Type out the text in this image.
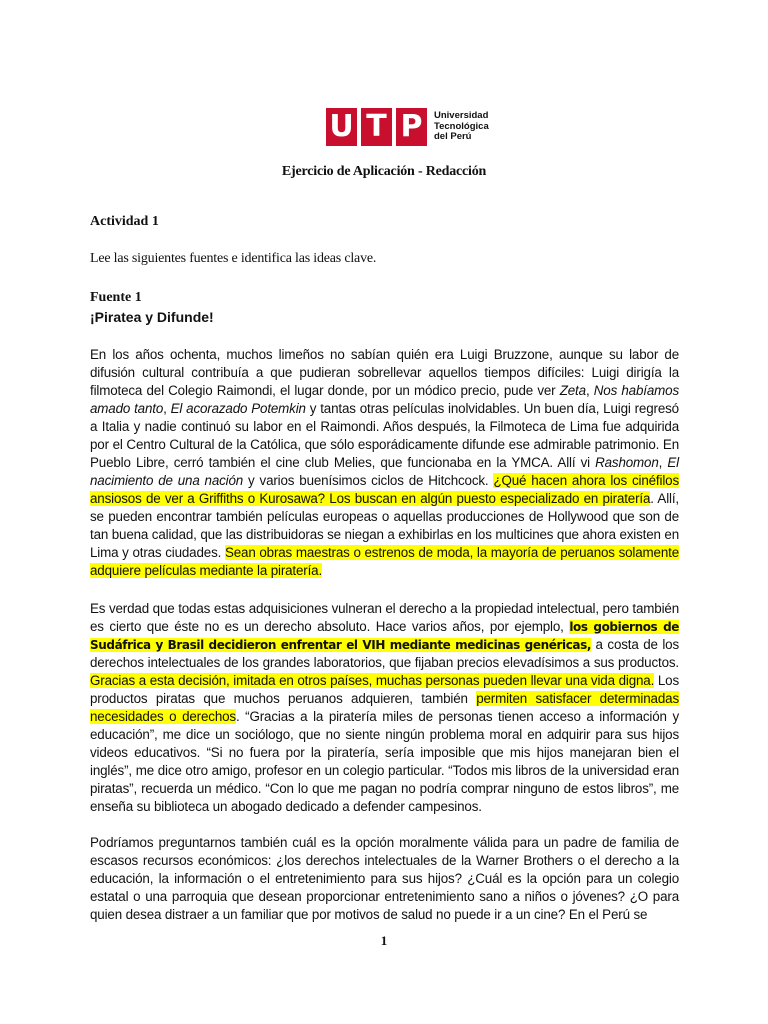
U T P	Universidad
Tecnológica
del Perú
Ejercicio de Aplicación - Redacción
Actividad 1
Lee las siguientes fuentes e identifica las ideas clave.
Fuente 1
¡Piratea y Difunde!
En los años ochenta, muchos limeños no sabían quién era Luigi Bruzzone, aunque su labor de difusión cultural contribuía a que pudieran sobrellevar aquellos tiempos difíciles: Luigi dirigía la filmoteca del Colegio Raimondi, el lugar donde, por un módico precio, pude ver Zeta, Nos habíamos amado tanto, El acorazado Potemkin y tantas otras películas inolvidables. Un buen día, Luigi regresó a Italia y nadie continuó su labor en el Raimondi. Años después, la Filmoteca de Lima fue adquirida por el Centro Cultural de la Católica, que sólo esporádicamente difunde ese admirable patrimonio. En Pueblo Libre, cerró también el cine club Melies, que funcionaba en la YMCA. Allí vi Rashomon, El nacimiento de una nación y varios buenísimos ciclos de Hitchcock. ¿Qué hacen ahora los cinéfilos ansiosos de ver a Griffiths o Kurosawa? Los buscan en algún puesto especializado en piratería. Allí, se pueden encontrar también películas europeas o aquellas producciones de Hollywood que son de tan buena calidad, que las distribuidoras se niegan a exhibirlas en los multicines que ahora existen en Lima y otras ciudades. Sean obras maestras o estrenos de moda, la mayoría de peruanos solamente adquiere películas mediante la piratería.
Es verdad que todas estas adquisiciones vulneran el derecho a la propiedad intelectual, pero también es cierto que éste no es un derecho absoluto. Hace varios años, por ejemplo, los gobiernos de Sudáfrica y Brasil decidieron enfrentar el VIH mediante medicinas genéricas, a costa de los derechos intelectuales de los grandes laboratorios, que fijaban precios elevadísimos a sus productos. Gracias a esta decisión, imitada en otros países, muchas personas pueden llevar una vida digna. Los productos piratas que muchos peruanos adquieren, también permiten satisfacer determinadas necesidades o derechos. “Gracias a la piratería miles de personas tienen acceso a información y educación”, me dice un sociólogo, que no siente ningún problema moral en adquirir para sus hijos videos educativos. “Si no fuera por la piratería, sería imposible que mis hijos manejaran bien el inglés”, me dice otro amigo, profesor en un colegio particular. “Todos mis libros de la universidad eran piratas”, recuerda un médico. “Con lo que me pagan no podría comprar ninguno de estos libros”, me enseña su biblioteca un abogado dedicado a defender campesinos.
Podríamos preguntarnos también cuál es la opción moralmente válida para un padre de familia de escasos recursos económicos: ¿los derechos intelectuales de la Warner Brothers o el derecho a la educación, la información o el entretenimiento para sus hijos? ¿Cuál es la opción para un colegio estatal o una parroquia que desean proporcionar entretenimiento sano a niños o jóvenes? ¿O para quien desea distraer a un familiar que por motivos de salud no puede ir a un cine? En el Perú se
1
